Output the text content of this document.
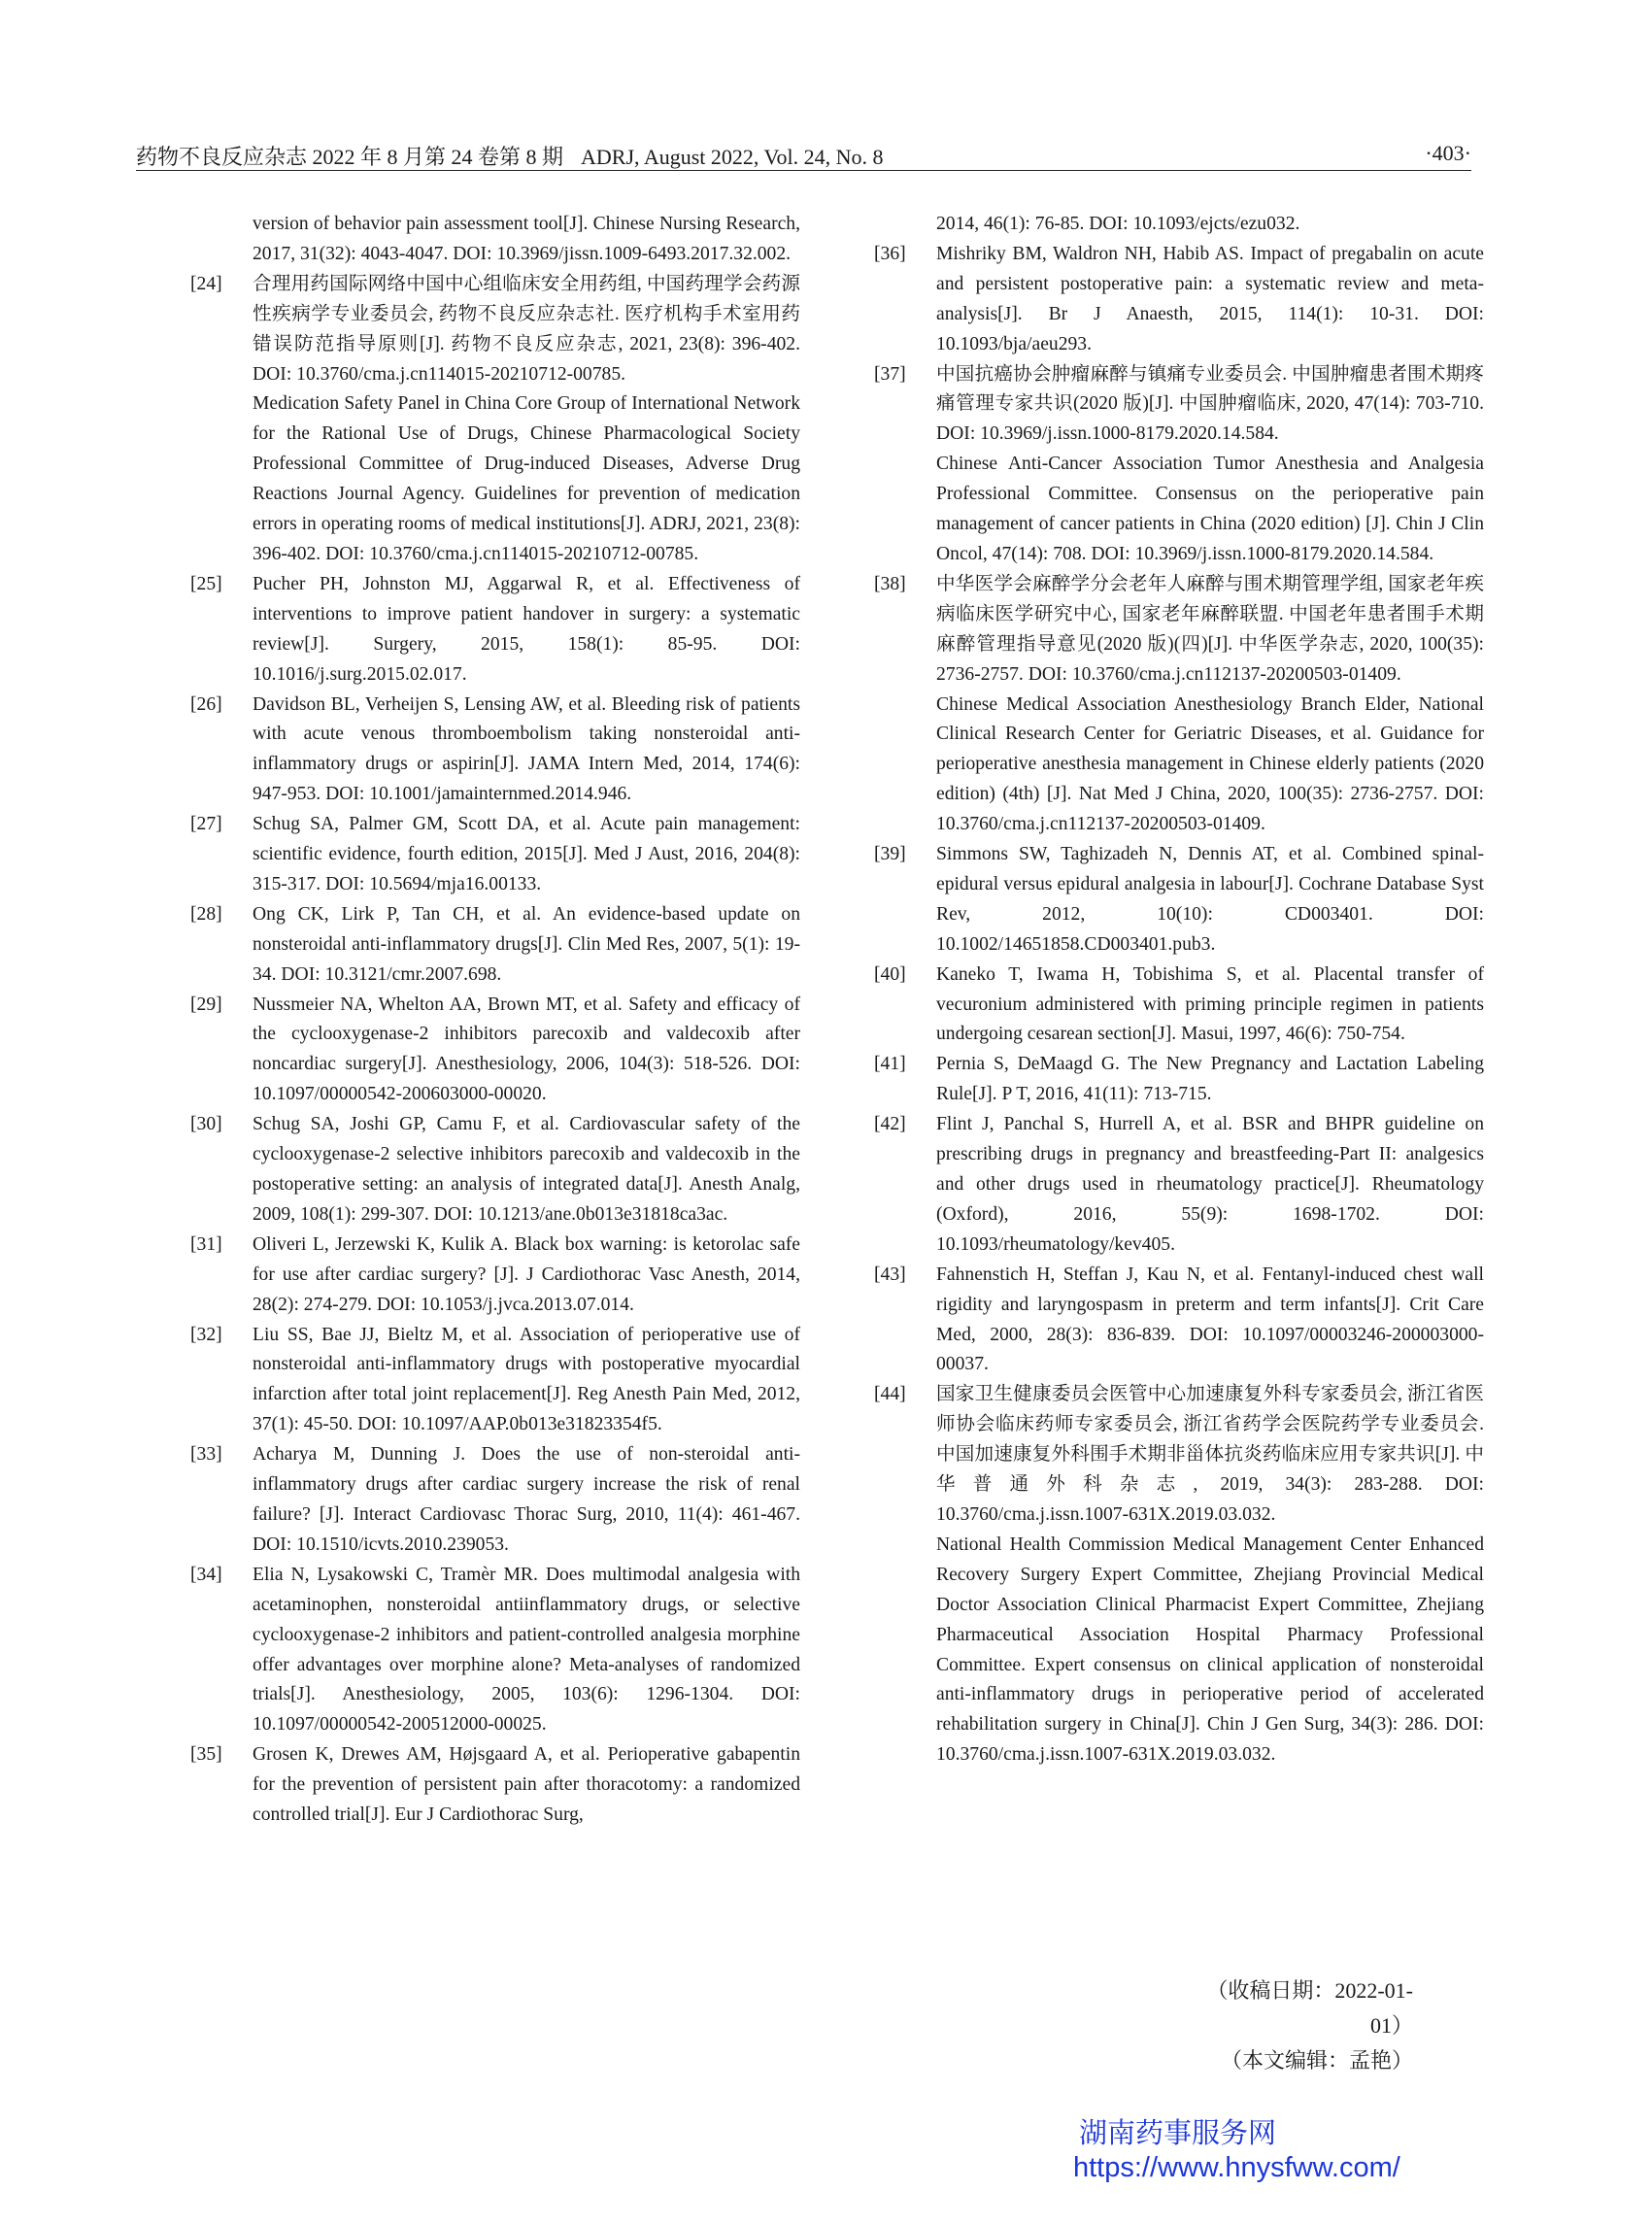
药物不良反应杂志 2022 年 8 月第 24 卷第 8 期 ADRJ, August 2022, Vol. 24, No. 8	·403·
version of behavior pain assessment tool[J]. Chinese Nursing Research, 2017, 31(32): 4043-4047. DOI: 10.3969/jissn.1009-6493.2017.32.002.
[24] 合理用药国际网络中国中心组临床安全用药组, 中国药理学会药源性疾病学专业委员会, 药物不良反应杂志社. 医疗机构手术室用药错误防范指导原则[J]. 药物不良反应杂志, 2021, 23(8): 396-402. DOI: 10.3760/cma.j.cn114015-20210712-00785.
Medication Safety Panel in China Core Group of International Network for the Rational Use of Drugs, Chinese Pharmacological Society Professional Committee of Drug-induced Diseases, Adverse Drug Reactions Journal Agency. Guidelines for prevention of medication errors in operating rooms of medical institutions[J]. ADRJ, 2021, 23(8): 396-402. DOI: 10.3760/cma.j.cn114015-20210712-00785.
[25] Pucher PH, Johnston MJ, Aggarwal R, et al. Effectiveness of interventions to improve patient handover in surgery: a systematic review[J]. Surgery, 2015, 158(1): 85-95. DOI: 10.1016/j.surg.2015.02.017.
[26] Davidson BL, Verheijen S, Lensing AW, et al. Bleeding risk of patients with acute venous thromboembolism taking nonsteroidal anti-inflammatory drugs or aspirin[J]. JAMA Intern Med, 2014, 174(6): 947-953. DOI: 10.1001/jamainternmed.2014.946.
[27] Schug SA, Palmer GM, Scott DA, et al. Acute pain management: scientific evidence, fourth edition, 2015[J]. Med J Aust, 2016, 204(8): 315-317. DOI: 10.5694/mja16.00133.
[28] Ong CK, Lirk P, Tan CH, et al. An evidence-based update on nonsteroidal anti-inflammatory drugs[J]. Clin Med Res, 2007, 5(1): 19-34. DOI: 10.3121/cmr.2007.698.
[29] Nussmeier NA, Whelton AA, Brown MT, et al. Safety and efficacy of the cyclooxygenase-2 inhibitors parecoxib and valdecoxib after noncardiac surgery[J]. Anesthesiology, 2006, 104(3): 518-526. DOI: 10.1097/00000542-200603000-00020.
[30] Schug SA, Joshi GP, Camu F, et al. Cardiovascular safety of the cyclooxygenase-2 selective inhibitors parecoxib and valdecoxib in the postoperative setting: an analysis of integrated data[J]. Anesth Analg, 2009, 108(1): 299-307. DOI: 10.1213/ane.0b013e31818ca3ac.
[31] Oliveri L, Jerzewski K, Kulik A. Black box warning: is ketorolac safe for use after cardiac surgery? [J]. J Cardiothorac Vasc Anesth, 2014, 28(2): 274-279. DOI: 10.1053/j.jvca.2013.07.014.
[32] Liu SS, Bae JJ, Bieltz M, et al. Association of perioperative use of nonsteroidal anti-inflammatory drugs with postoperative myocardial infarction after total joint replacement[J]. Reg Anesth Pain Med, 2012, 37(1): 45-50. DOI: 10.1097/AAP.0b013e31823354f5.
[33] Acharya M, Dunning J. Does the use of non-steroidal anti-inflammatory drugs after cardiac surgery increase the risk of renal failure? [J]. Interact Cardiovasc Thorac Surg, 2010, 11(4): 461-467. DOI: 10.1510/icvts.2010.239053.
[34] Elia N, Lysakowski C, Tramèr MR. Does multimodal analgesia with acetaminophen, nonsteroidal antiinflammatory drugs, or selective cyclooxygenase-2 inhibitors and patient-controlled analgesia morphine offer advantages over morphine alone? Meta-analyses of randomized trials[J]. Anesthesiology, 2005, 103(6): 1296-1304. DOI: 10.1097/00000542-200512000-00025.
[35] Grosen K, Drewes AM, Højsgaard A, et al. Perioperative gabapentin for the prevention of persistent pain after thoracotomy: a randomized controlled trial[J]. Eur J Cardiothorac Surg,
2014, 46(1): 76-85. DOI: 10.1093/ejcts/ezu032.
[36] Mishriky BM, Waldron NH, Habib AS. Impact of pregabalin on acute and persistent postoperative pain: a systematic review and meta-analysis[J]. Br J Anaesth, 2015, 114(1): 10-31. DOI: 10.1093/bja/aeu293.
[37] 中国抗癌协会肿瘤麻醉与镇痛专业委员会. 中国肿瘤患者围术期疼痛管理专家共识(2020 版)[J]. 中国肿瘤临床, 2020, 47(14): 703-710. DOI: 10.3969/j.issn.1000-8179.2020.14.584.
Chinese Anti-Cancer Association Tumor Anesthesia and Analgesia Professional Committee. Consensus on the perioperative pain management of cancer patients in China (2020 edition) [J]. Chin J Clin Oncol, 47(14): 708. DOI: 10.3969/j.issn.1000-8179.2020.14.584.
[38] 中华医学会麻醉学分会老年人麻醉与围术期管理学组, 国家老年疾病临床医学研究中心, 国家老年麻醉联盟. 中国老年患者围手术期麻醉管理指导意见(2020 版)(四)[J]. 中华医学杂志, 2020, 100(35): 2736-2757. DOI: 10.3760/cma.j.cn112137-20200503-01409.
Chinese Medical Association Anesthesiology Branch Elder, National Clinical Research Center for Geriatric Diseases, et al. Guidance for perioperative anesthesia management in Chinese elderly patients (2020 edition) (4th) [J]. Nat Med J China, 2020, 100(35): 2736-2757. DOI: 10.3760/cma.j.cn112137-20200503-01409.
[39] Simmons SW, Taghizadeh N, Dennis AT, et al. Combined spinal-epidural versus epidural analgesia in labour[J]. Cochrane Database Syst Rev, 2012, 10(10): CD003401. DOI: 10.1002/14651858.CD003401.pub3.
[40] Kaneko T, Iwama H, Tobishima S, et al. Placental transfer of vecuronium administered with priming principle regimen in patients undergoing cesarean section[J]. Masui, 1997, 46(6): 750-754.
[41] Pernia S, DeMaagd G. The New Pregnancy and Lactation Labeling Rule[J]. P T, 2016, 41(11): 713-715.
[42] Flint J, Panchal S, Hurrell A, et al. BSR and BHPR guideline on prescribing drugs in pregnancy and breastfeeding-Part II: analgesics and other drugs used in rheumatology practice[J]. Rheumatology (Oxford), 2016, 55(9): 1698-1702. DOI: 10.1093/rheumatology/kev405.
[43] Fahnenstich H, Steffan J, Kau N, et al. Fentanyl-induced chest wall rigidity and laryngospasm in preterm and term infants[J]. Crit Care Med, 2000, 28(3): 836-839. DOI: 10.1097/00003246-200003000-00037.
[44] 国家卫生健康委员会医管中心加速康复外科专家委员会, 浙江省医师协会临床药师专家委员会, 浙江省药学会医院药学专业委员会. 中国加速康复外科围手术期非甾体抗炎药临床应用专家共识[J]. 中华普通外科杂志, 2019, 34(3): 283-288. DOI: 10.3760/cma.j.issn.1007-631X.2019.03.032.
National Health Commission Medical Management Center Enhanced Recovery Surgery Expert Committee, Zhejiang Provincial Medical Doctor Association Clinical Pharmacist Expert Committee, Zhejiang Pharmaceutical Association Hospital Pharmacy Professional Committee. Expert consensus on clinical application of nonsteroidal anti-inflammatory drugs in perioperative period of accelerated rehabilitation surgery in China[J]. Chin J Gen Surg, 34(3): 286. DOI: 10.3760/cma.j.issn.1007-631X.2019.03.032.
（收稿日期：2022-01-01）
（本文编辑：孟艳）
湖南药事服务网
https://www.hnysfww.com/
